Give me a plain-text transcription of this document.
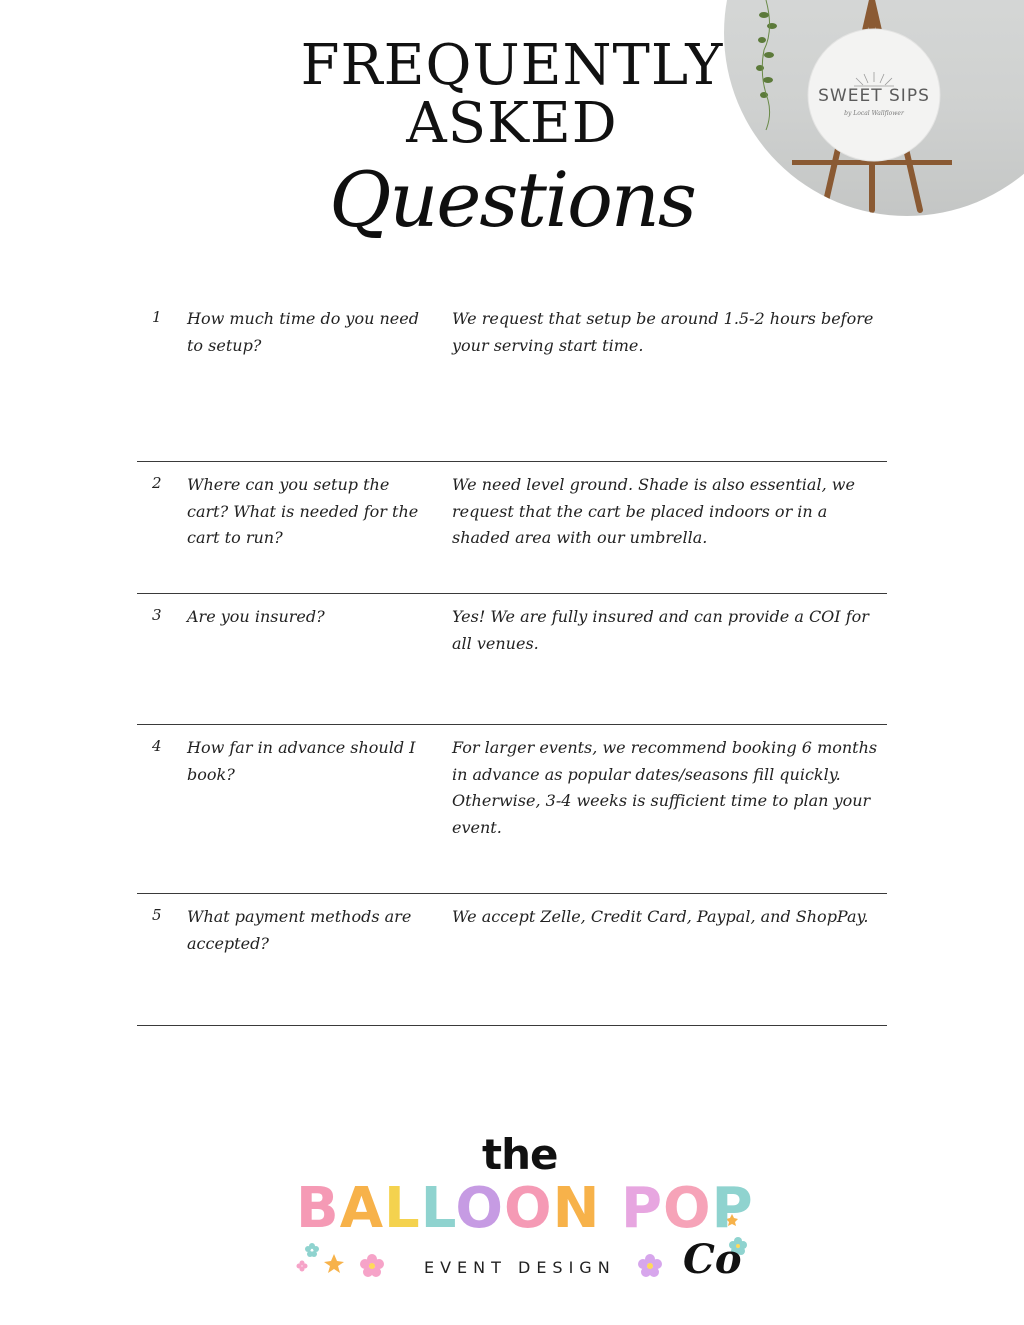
FREQUENTLY
ASKED
Questions
SWEET SIPS
by Local Wallflower
1 How much time do you need to setup?
We request that setup be around 1.5-2 hours before your serving start time.
2 Where can you setup the cart? What is needed for the cart to run?
We need level ground. Shade is also essential, we request that the cart be placed indoors or in a shaded area with our umbrella.
3 Are you insured?	Yes! We are fully insured and can provide a COI for all venues.
4 How far in advance should I book?
For larger events, we recommend booking 6 months in advance as popular dates/seasons fill quickly. Otherwise, 3-4 weeks is sufficient time to plan your event.
5 What payment methods are accepted?
We accept Zelle, Credit Card, Paypal, and ShopPay.
the
BALLOON POP
EVENT DESIGN Co
